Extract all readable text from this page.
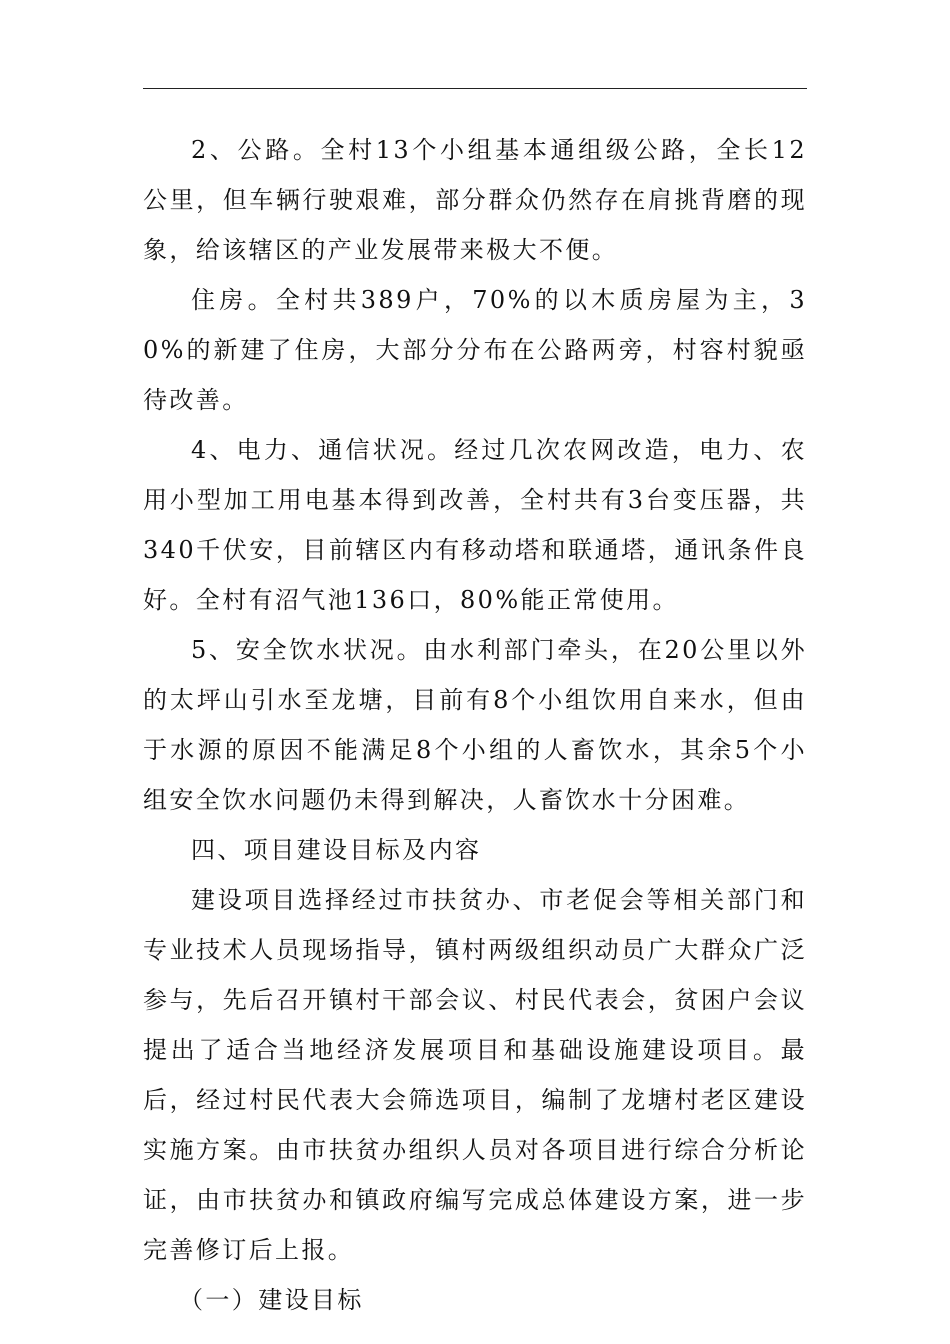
2、公路。全村13个小组基本通组级公路，全长12公里，但车辆行驶艰难，部分群众仍然存在肩挑背磨的现象，给该辖区的产业发展带来极大不便。

住房。全村共389户，70%的以木质房屋为主，30%的新建了住房，大部分分布在公路两旁，村容村貌亟待改善。

4、电力、通信状况。经过几次农网改造，电力、农用小型加工用电基本得到改善，全村共有3台变压器，共340千伏安，目前辖区内有移动塔和联通塔，通讯条件良好。全村有沼气池136口，80%能正常使用。

5、安全饮水状况。由水利部门牵头，在20公里以外的太坪山引水至龙塘，目前有8个小组饮用自来水，但由于水源的原因不能满足8个小组的人畜饮水，其余5个小组安全饮水问题仍未得到解决，人畜饮水十分困难。

四、项目建设目标及内容

建设项目选择经过市扶贫办、市老促会等相关部门和专业技术人员现场指导，镇村两级组织动员广大群众广泛参与，先后召开镇村干部会议、村民代表会，贫困户会议提出了适合当地经济发展项目和基础设施建设项目。最后，经过村民代表大会筛选项目，编制了龙塘村老区建设实施方案。由市扶贫办组织人员对各项目进行综合分析论证，由市扶贫办和镇政府编写完成总体建设方案，进一步完善修订后上报。

（一）建设目标
